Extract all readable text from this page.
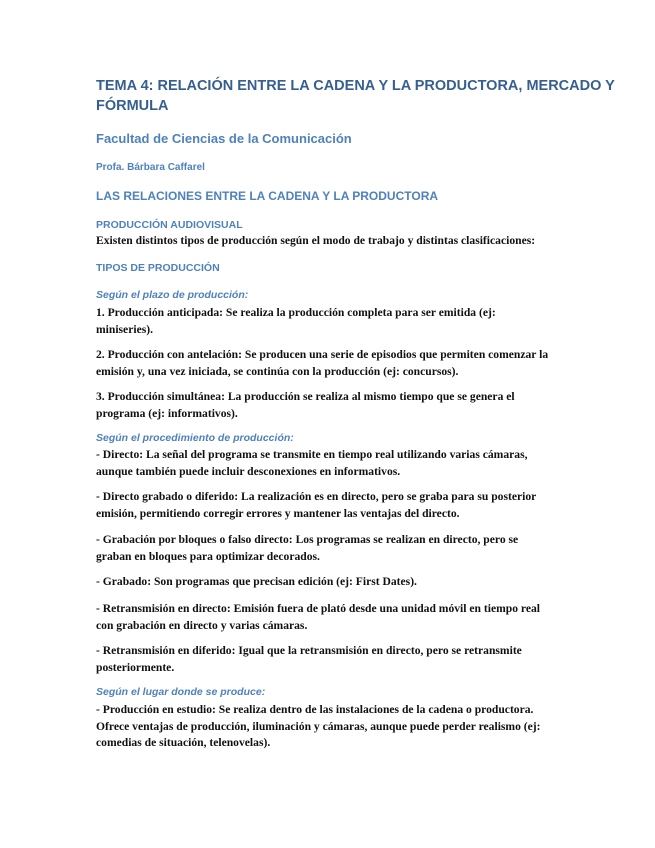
TEMA 4: RELACIÓN ENTRE LA CADENA Y LA PRODUCTORA, MERCADO Y
FÓRMULA
Facultad de Ciencias de la Comunicación
Profa. Bárbara Caffarel
LAS RELACIONES ENTRE LA CADENA Y LA PRODUCTORA
PRODUCCIÓN AUDIOVISUAL
Existen distintos tipos de producción según el modo de trabajo y distintas clasificaciones:
TIPOS DE PRODUCCIÓN
Según el plazo de producción:
1. Producción anticipada: Se realiza la producción completa para ser emitida (ej:
miniseries).
2. Producción con antelación: Se producen una serie de episodios que permiten comenzar la
emisión y, una vez iniciada, se continúa con la producción (ej: concursos).
3. Producción simultánea: La producción se realiza al mismo tiempo que se genera el
programa (ej: informativos).
Según el procedimiento de producción:
- Directo: La señal del programa se transmite en tiempo real utilizando varias cámaras,
aunque también puede incluir desconexiones en informativos.
- Directo grabado o diferido: La realización es en directo, pero se graba para su posterior
emisión, permitiendo corregir errores y mantener las ventajas del directo.
- Grabación por bloques o falso directo: Los programas se realizan en directo, pero se
graban en bloques para optimizar decorados.
- Grabado: Son programas que precisan edición (ej: First Dates).
- Retransmisión en directo: Emisión fuera de plató desde una unidad móvil en tiempo real
con grabación en directo y varias cámaras.
- Retransmisión en diferido: Igual que la retransmisión en directo, pero se retransmite
posteriormente.
Según el lugar donde se produce:
- Producción en estudio: Se realiza dentro de las instalaciones de la cadena o productora.
Ofrece ventajas de producción, iluminación y cámaras, aunque puede perder realismo (ej:
comedias de situación, telenovelas).
